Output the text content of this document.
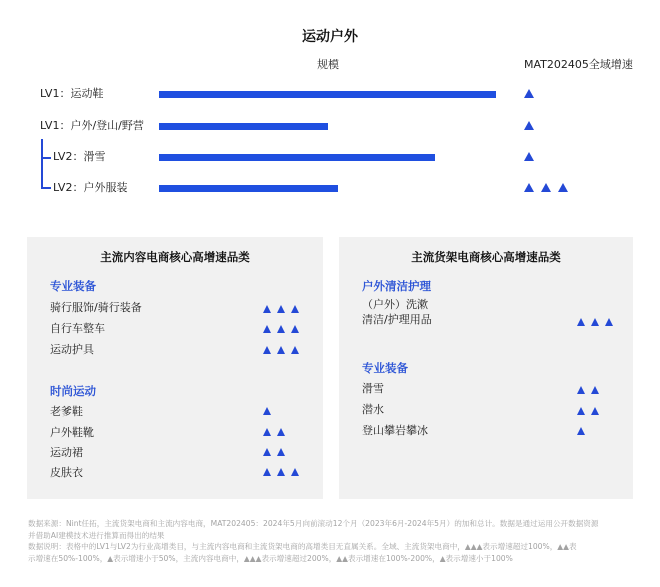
运动户外
规模	MAT202405全域增速
LV1：运动鞋
LV1：户外/登山/野营
LV2：滑雪
LV2：户外服装
主流内容电商核心高增速品类
专业装备
骑行服饰/骑行装备
自行车整车
运动护具
时尚运动
老爹鞋
户外鞋靴
运动裙
皮肤衣
主流货架电商核心高增速品类
户外清洁护理
（户外）洗漱
清洁/护理用品
专业装备
滑雪
潜水
登山攀岩攀冰
数据来源：Nint任拓，主流货架电商和主流内容电商，MAT202405：2024年5月向前滚动12个月（2023年6月-2024年5月）的加和总计。数据是通过运用公开数据资源
并借助AI建模技术进行推算而得出的结果
数据说明：表格中的LV1与LV2为行业高增类目，与主流内容电商和主流货架电商的高增类目无直属关系。全域、主流货架电商中，▲▲▲表示增速超过100%，▲▲表
示增速在50%-100%，▲表示增速小于50%，主流内容电商中，▲▲▲表示增速超过200%，▲▲表示增速在100%-200%，▲表示增速小于100%
